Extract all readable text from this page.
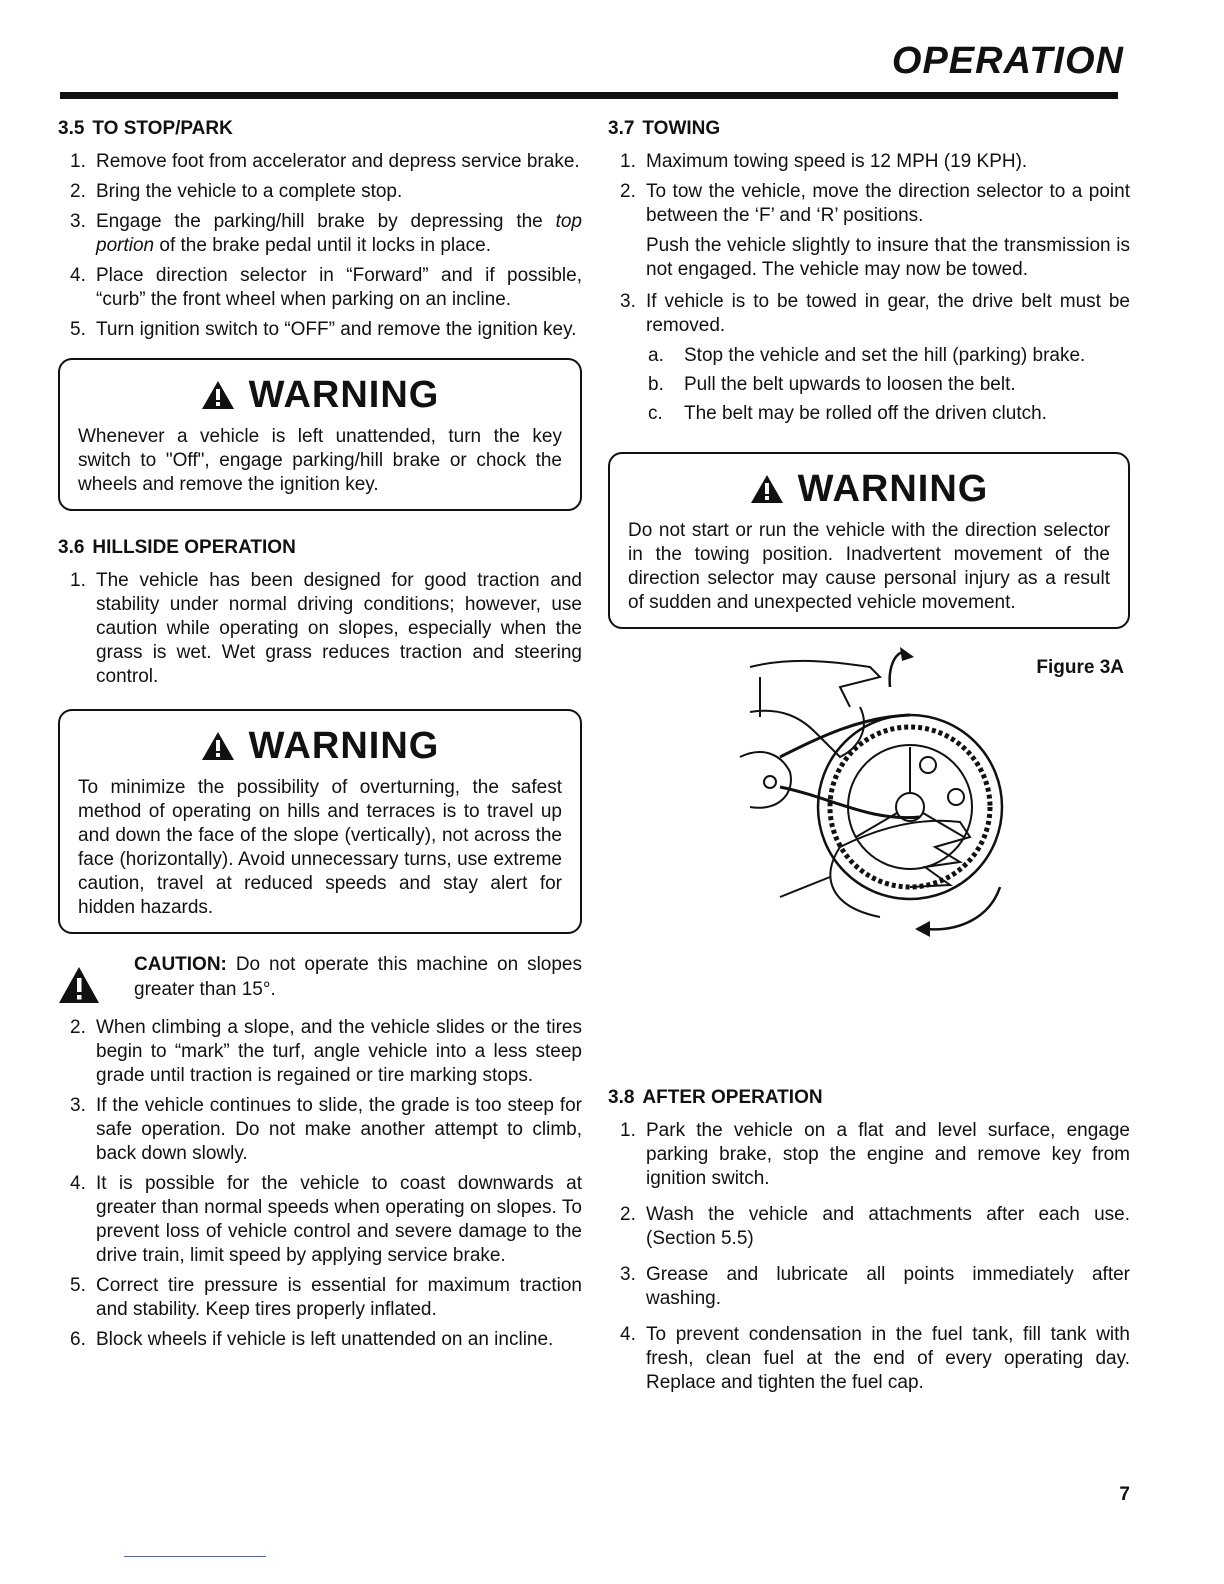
OPERATION
3.5 TO STOP/PARK
1. Remove foot from accelerator and depress service brake.
2. Bring the vehicle to a complete stop.
3. Engage the parking/hill brake by depressing the top portion of the brake pedal until it locks in place.
4. Place direction selector in “Forward” and if possible, “curb” the front wheel when parking on an incline.
5. Turn ignition switch to “OFF” and remove the ignition key.
WARNING
Whenever a vehicle is left unattended, turn the key switch to "Off", engage parking/hill brake or chock the wheels and remove the ignition key.
3.6 HILLSIDE OPERATION
1. The vehicle has been designed for good traction and stability under normal driving conditions; however, use caution while operating on slopes, especially when the grass is wet. Wet grass reduces traction and steering control.
WARNING
To minimize the possibility of overturning, the safest method of operating on hills and terraces is to travel up and down the face of the slope (vertically), not across the face (horizontally). Avoid unnecessary turns, use extreme caution, travel at reduced speeds and stay alert for hidden hazards.
CAUTION: Do not operate this machine on slopes greater than 15°.
2. When climbing a slope, and the vehicle slides or the tires begin to “mark” the turf, angle vehicle into a less steep grade until traction is regained or tire marking stops.
3. If the vehicle continues to slide, the grade is too steep for safe operation. Do not make another attempt to climb, back down slowly.
4. It is possible for the vehicle to coast downwards at greater than normal speeds when operating on slopes. To prevent loss of vehicle control and severe damage to the drive train, limit speed by applying service brake.
5. Correct tire pressure is essential for maximum traction and stability. Keep tires properly inflated.
6. Block wheels if vehicle is left unattended on an incline.
3.7 TOWING
1. Maximum towing speed is 12 MPH (19 KPH).
2. To tow the vehicle, move the direction selector to a point between the ‘F’ and ‘R’ positions.

Push the vehicle slightly to insure that the transmission is not engaged. The vehicle may now be towed.

3. If vehicle is to be towed in gear, the drive belt must be removed.
a. Stop the vehicle and set the hill (parking) brake.
b. Pull the belt upwards to loosen the belt.
c. The belt may be rolled off the driven clutch.
WARNING
Do not start or run the vehicle with the direction selector in the towing position. Inadvertent movement of the direction selector may cause personal injury as a result of sudden and unexpected vehicle movement.
Figure 3A
3.8 AFTER OPERATION
1. Park the vehicle on a flat and level surface, engage parking brake, stop the engine and remove key from ignition switch.
2. Wash the vehicle and attachments after each use. (Section 5.5)
3. Grease and lubricate all points immediately after washing.
4. To prevent condensation in the fuel tank, fill tank with fresh, clean fuel at the end of every operating day. Replace and tighten the fuel cap.
7
